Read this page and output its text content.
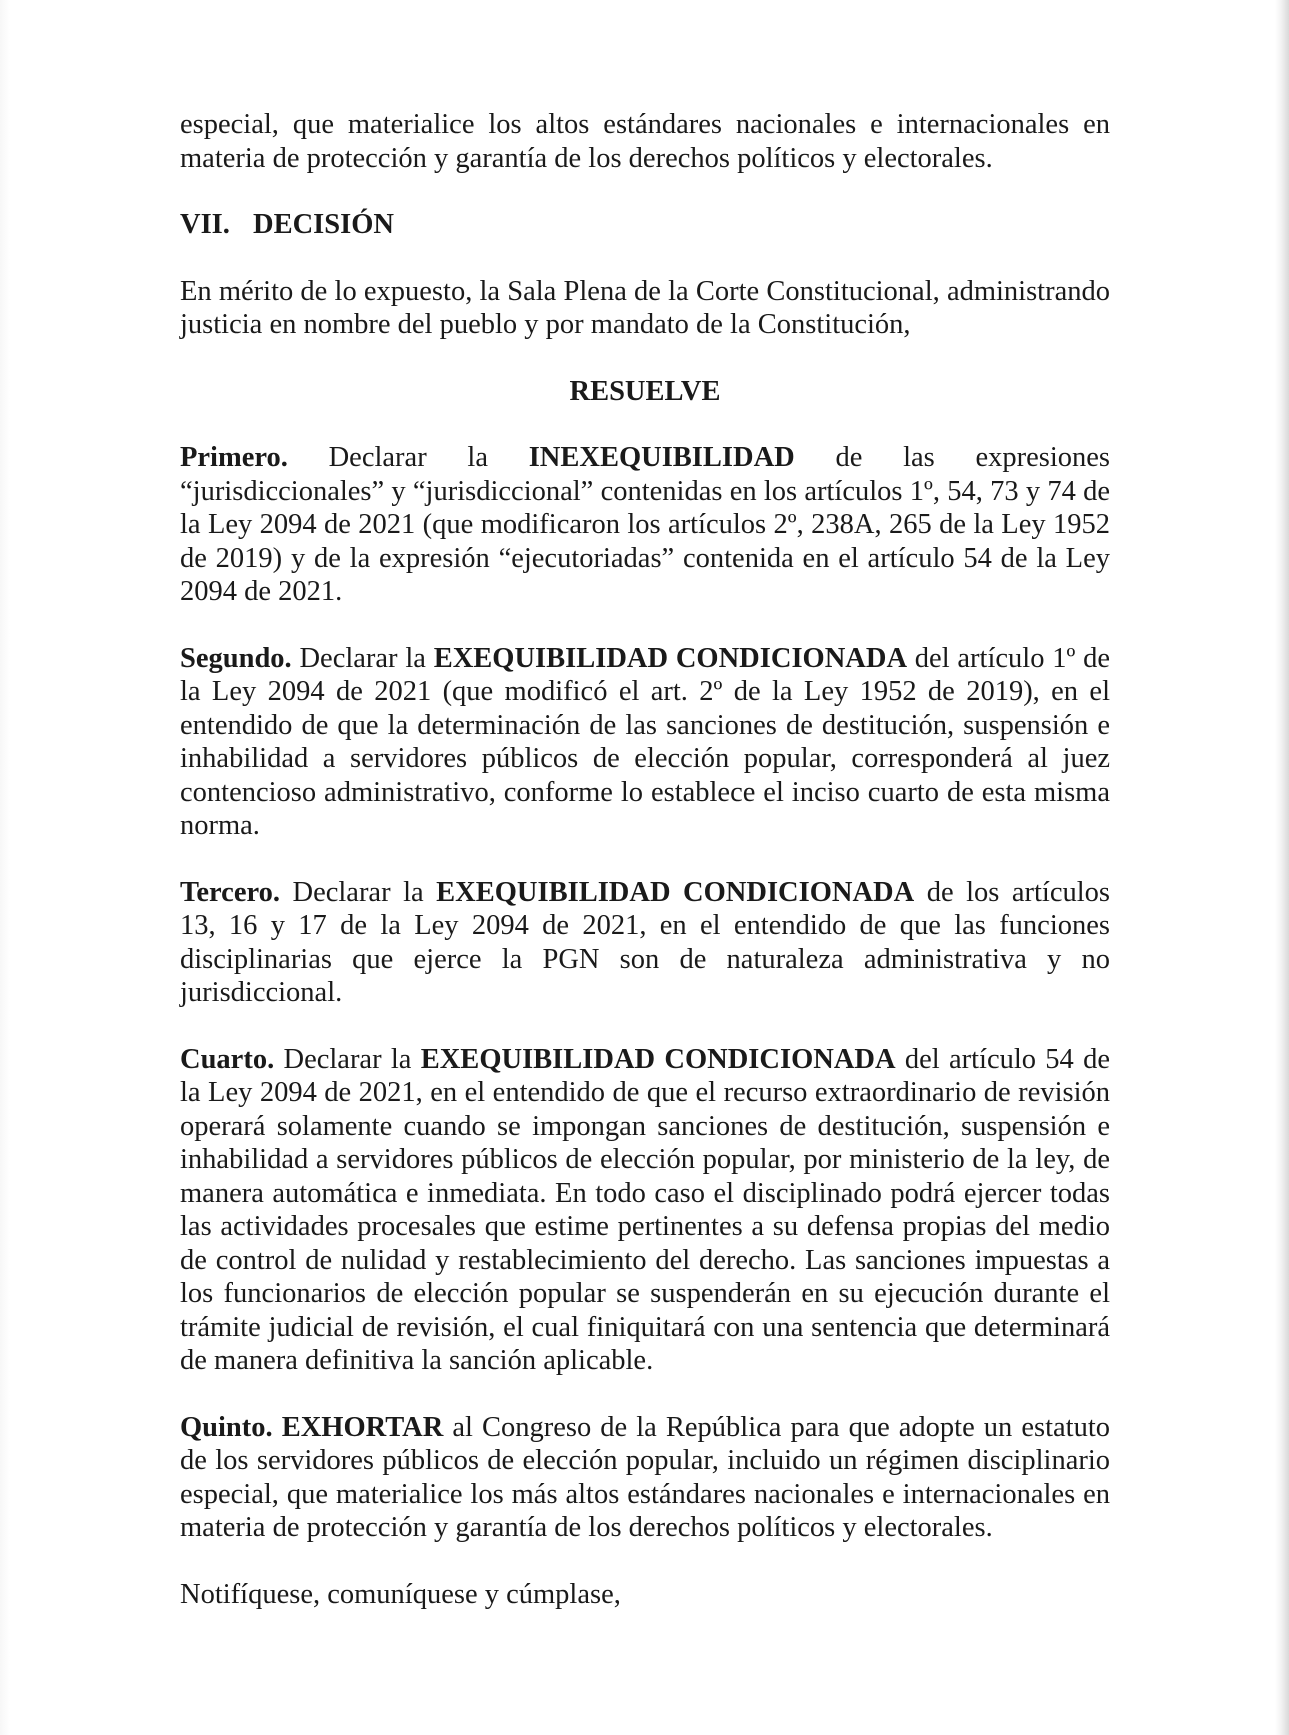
especial, que materialice los altos estándares nacionales e internacionales en materia de protección y garantía de los derechos políticos y electorales.

VII. DECISIÓN

En mérito de lo expuesto, la Sala Plena de la Corte Constitucional, administrando justicia en nombre del pueblo y por mandato de la Constitución,

RESUELVE

Primero. Declarar la INEXEQUIBILIDAD de las expresiones “jurisdiccionales” y “jurisdiccional” contenidas en los artículos 1º, 54, 73 y 74 de la Ley 2094 de 2021 (que modificaron los artículos 2º, 238A, 265 de la Ley 1952 de 2019) y de la expresión “ejecutoriadas” contenida en el artículo 54 de la Ley 2094 de 2021.

Segundo. Declarar la EXEQUIBILIDAD CONDICIONADA del artículo 1º de la Ley 2094 de 2021 (que modificó el art. 2º de la Ley 1952 de 2019), en el entendido de que la determinación de las sanciones de destitución, suspensión e inhabilidad a servidores públicos de elección popular, corresponderá al juez contencioso administrativo, conforme lo establece el inciso cuarto de esta misma norma.

Tercero. Declarar la EXEQUIBILIDAD CONDICIONADA de los artículos 13, 16 y 17 de la Ley 2094 de 2021, en el entendido de que las funciones disciplinarias que ejerce la PGN son de naturaleza administrativa y no jurisdiccional.

Cuarto. Declarar la EXEQUIBILIDAD CONDICIONADA del artículo 54 de la Ley 2094 de 2021, en el entendido de que el recurso extraordinario de revisión operará solamente cuando se impongan sanciones de destitución, suspensión e inhabilidad a servidores públicos de elección popular, por ministerio de la ley, de manera automática e inmediata. En todo caso el disciplinado podrá ejercer todas las actividades procesales que estime pertinentes a su defensa propias del medio de control de nulidad y restablecimiento del derecho. Las sanciones impuestas a los funcionarios de elección popular se suspenderán en su ejecución durante el trámite judicial de revisión, el cual finiquitará con una sentencia que determinará de manera definitiva la sanción aplicable.

Quinto. EXHORTAR al Congreso de la República para que adopte un estatuto de los servidores públicos de elección popular, incluido un régimen disciplinario especial, que materialice los más altos estándares nacionales e internacionales en materia de protección y garantía de los derechos políticos y electorales.

Notifíquese, comuníquese y cúmplase,
